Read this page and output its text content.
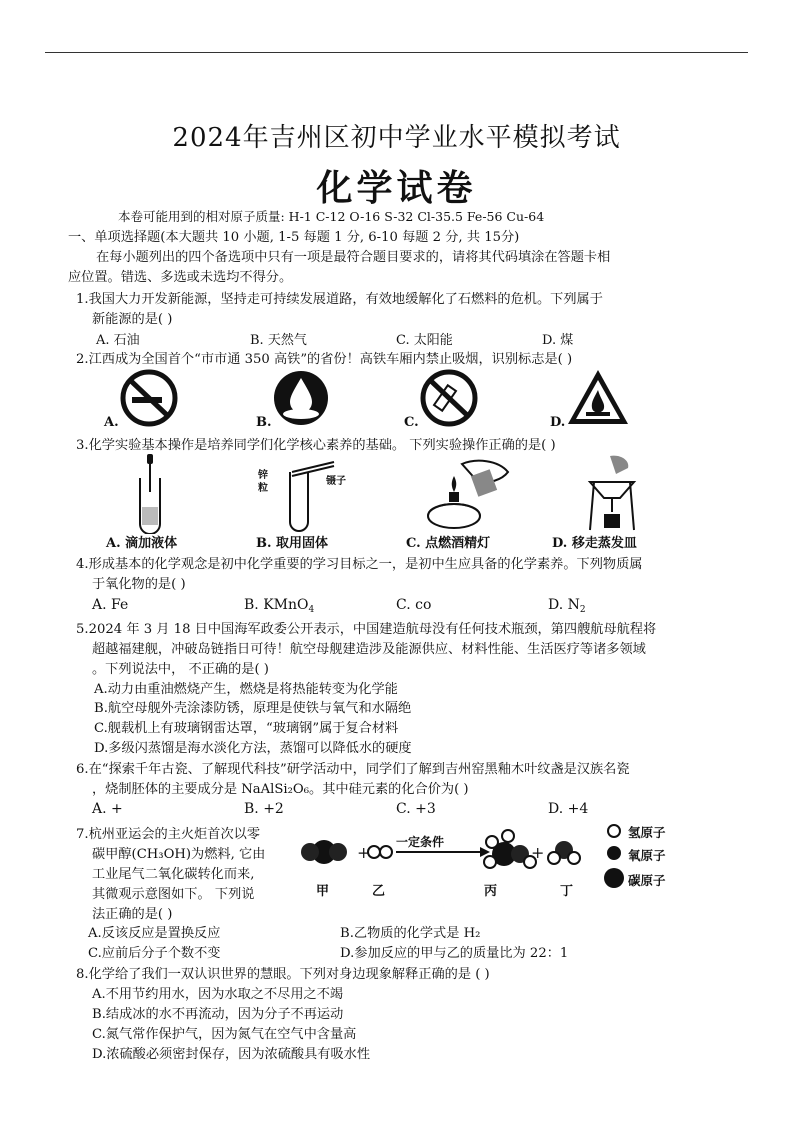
2024年吉州区初中学业水平模拟考试
化学试卷
本卷可能用到的相对原子质量: H-1 C-12 O-16 S-32 Cl-35.5 Fe-56 Cu-64
一、单项选择题(本大题共 10 小题, 1-5 每题 1 分, 6-10 每题 2 分, 共 15分)
在每小题列出的四个备选项中只有一项是最符合题目要求的，请将其代码填涂在答题卡相
应位置。错选、多选或未选均不得分。
1.我国大力开发新能源，坚持走可持续发展道路，有效地缓解化了石燃料的危机。下列属于
新能源的是( )
A. 石油	B. 天然气	C. 太阳能	D. 煤
2.江西成为全国首个“市市通 350 高铁”的省份！高铁车厢内禁止吸烟，识别标志是( )
A.	B.	C.	D.
3.化学实验基本操作是培养同学们化学核心素养的基础。 下列实验操作正确的是( )
A. 滴加液体
锌
粒
镊子
B. 取用固体	C. 点燃酒精灯	D. 移走蒸发皿
4.形成基本的化学观念是初中化学重要的学习目标之一，是初中生应具备的化学素养。下列物质属
于氧化物的是( )
A. Fe	B. KMnO$_4$	C. co	D. $N_2$
5.2024 年 3 月 18 日中国海军政委公开表示，中国建造航母没有任何技术瓶颈，第四艘航母航程将
超越福建舰，冲破岛链指日可待！航空母舰建造涉及能源供应、材料性能、生活医疗等诸多领域
。下列说法中， 不正确的是( )
A.动力由重油燃烧产生，燃烧是将热能转变为化学能
B.航空母舰外壳涂漆防锈，原理是使铁与氧气和水隔绝
C.舰载机上有玻璃钢雷达罩，“玻璃钢”属于复合材料
D.多级闪蒸馏是海水淡化方法，蒸馏可以降低水的硬度
6.在“探索千年古瓷、了解现代科技”研学活动中，同学们了解到吉州窑黑釉木叶纹盏是汉族名瓷
，烧制胚体的主要成分是 NaAlSi₂O₆。其中硅元素的化合价为( )
A. +	B. +2	C. +3	D. +4
7.杭州亚运会的主火炬首次以零
碳甲醇(CH₃OH)为燃料, 它由
工业尾气二氧化碳转化而来,
其微观示意图如下。 下列说
法正确的是( )
+	+
一定条件
甲	乙	丙	丁
氢原子
氧原子
碳原子
A.反该反应是置换反应	B.乙物质的化学式是 H₂
C.应前后分子个数不变	D.参加反应的甲与乙的质量比为 22：1
8.化学给了我们一双认识世界的慧眼。下列对身边现象解释正确的是 ( )
A.不用节约用水，因为水取之不尽用之不竭
B.结成冰的水不再流动，因为分子不再运动
C.氮气常作保护气，因为氮气在空气中含量高
D.浓硫酸必须密封保存，因为浓硫酸具有吸水性
